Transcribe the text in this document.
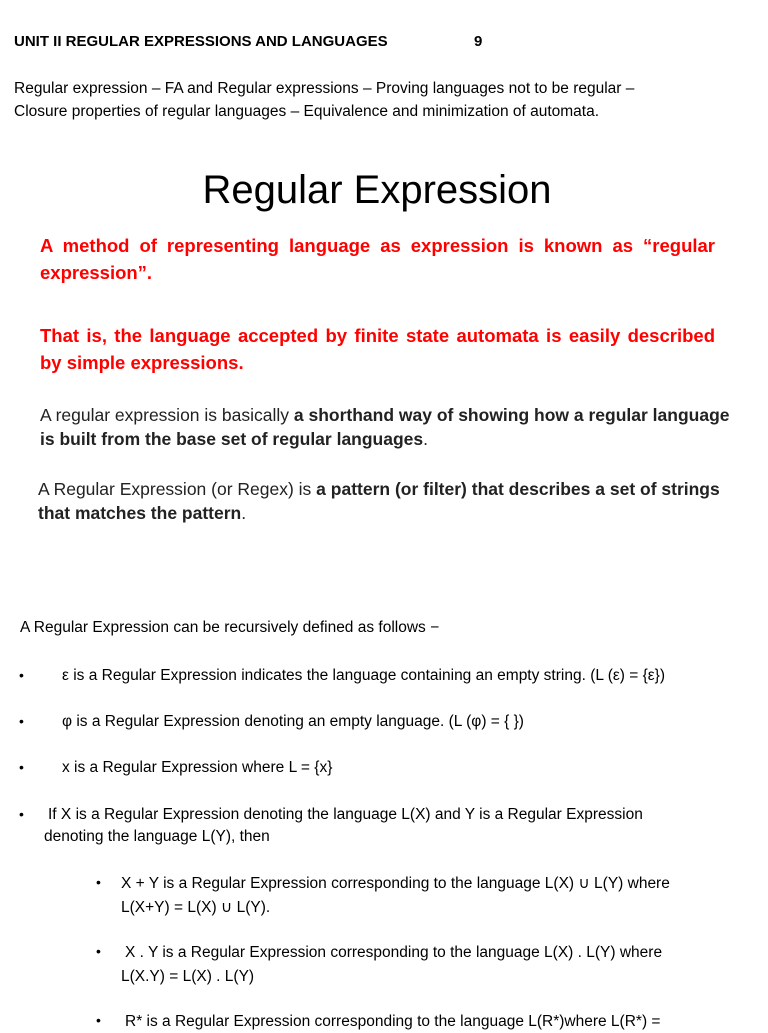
UNIT II REGULAR EXPRESSIONS AND LANGUAGES	9
Regular expression – FA and Regular expressions – Proving languages not to be regular –
Closure properties of regular languages – Equivalence and minimization of automata.
Regular Expression
A method of representing language as expression is known as “regular expression”.
That is, the language accepted by finite state automata is easily described by simple expressions.
A regular expression is basically a shorthand way of showing how a regular language is built from the base set of regular languages.
A Regular Expression (or Regex) is a pattern (or filter) that describes a set of strings that matches the pattern.
A Regular Expression can be recursively defined as follows −
• ε is a Regular Expression indicates the language containing an empty string. (L (ε) = {ε})
• φ is a Regular Expression denoting an empty language. (L (φ) = { })
• x is a Regular Expression where L = {x}
• If X is a Regular Expression denoting the language L(X) and Y is a Regular Expression
denoting the language L(Y), then
• X + Y is a Regular Expression corresponding to the language L(X) ∪ L(Y) where
L(X+Y) = L(X) ∪ L(Y).
• X . Y is a Regular Expression corresponding to the language L(X) . L(Y) where
L(X.Y) = L(X) . L(Y)
• R* is a Regular Expression corresponding to the language L(R*)where L(R*) =
